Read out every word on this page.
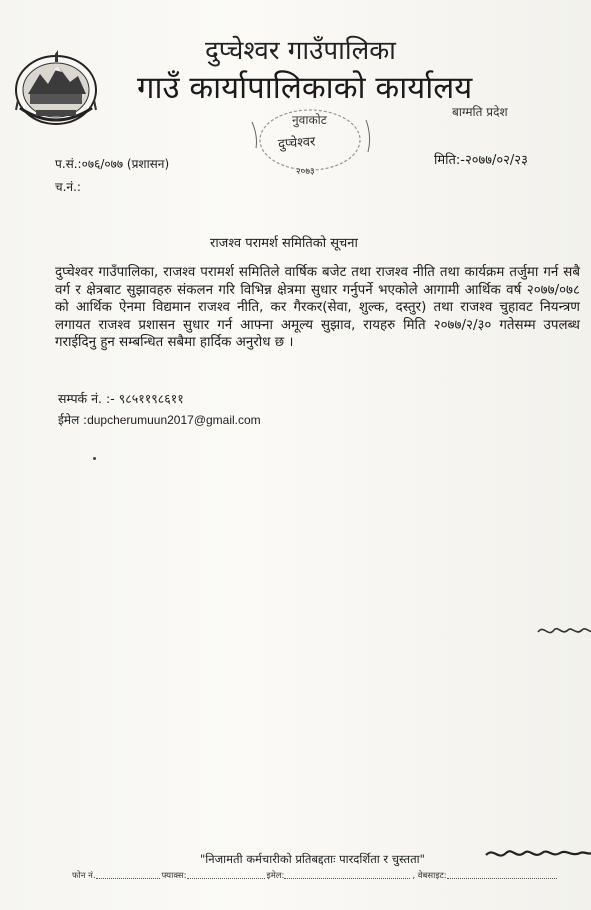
दुप्चेश्वर गाउँपालिका
गाउँ कार्यापालिकाको कार्यालय
बाग्मति प्रदेश
नुवाकोट
दुप्चेश्वर
२०७३
प.सं.:०७६/०७७ (प्रशासन)
च.नं.:
मिति:-२०७७/०२/२३
राजश्व परामर्श समितिको सूचना
दुप्चेश्वर गाउँपालिका, राजश्व परामर्श समितिले वार्षिक बजेट तथा राजश्व नीति तथा कार्यक्रम तर्जुमा गर्न सबै वर्ग र क्षेत्रबाट सुझावहरु संकलन गरि विभिन्न क्षेत्रमा सुधार गर्नुपर्ने भएकोले आगामी आर्थिक वर्ष २०७७/०७८ को आर्थिक ऐनमा विद्यमान राजश्व नीति, कर गैरकर(सेवा, शुल्क, दस्तुर) तथा राजश्व चुहावट नियन्त्रण लगायत राजश्व प्रशासन सुधार गर्न आफ्ना अमूल्य सुझाव, रायहरु मिति २०७७/२/३० गतेसम्म उपलब्ध गराईदिनु हुन सम्बन्धित सबैमा हार्दिक अनुरोध छ ।
सम्पर्क नं. :- ९८५११९८६११
ईमेल :dupcherumuun2017@gmail.com
"निजामती कर्मचारीको प्रतिबद्दताः पारदर्शिता र चुस्तता"
फोन नं.	फ्याक्स:	इमेल:	, वेबसाइट:
